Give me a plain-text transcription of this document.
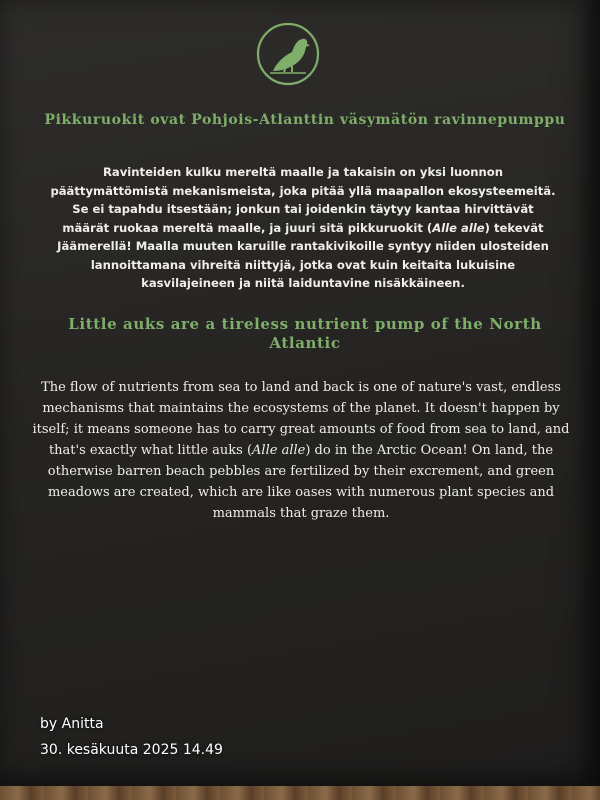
Pikkuruokit ovat Pohjois-Atlanttin väsymätön ravinnepumppu

Ravinteiden kulku mereltä maalle ja takaisin on yksi luonnon päättymättömistä mekanismeista, joka pitää yllä maapallon ekosysteemeitä. Se ei tapahdu itsestään; jonkun tai joidenkin täytyy kantaa hirvittävät määrät ruokaa mereltä maalle, ja juuri sitä pikkuruokit (Alle alle) tekevät Jäämerellä! Maalla muuten karuille rantakivikoille syntyy niiden ulosteiden lannoittamana vihreitä niittyjä, jotka ovat kuin keitaita lukuisine kasvilajeineen ja niitä laiduntavine nisäkkäineen.

Little auks are a tireless nutrient pump of the North Atlantic

The flow of nutrients from sea to land and back is one of nature's vast, endless mechanisms that maintains the ecosystems of the planet. It doesn't happen by itself; it means someone has to carry great amounts of food from sea to land, and that's exactly what little auks (Alle alle) do in the Arctic Ocean! On land, the otherwise barren beach pebbles are fertilized by their excrement, and green meadows are created, which are like oases with numerous plant species and mammals that graze them.

by Anitta
30. kesäkuuta 2025 14.49
